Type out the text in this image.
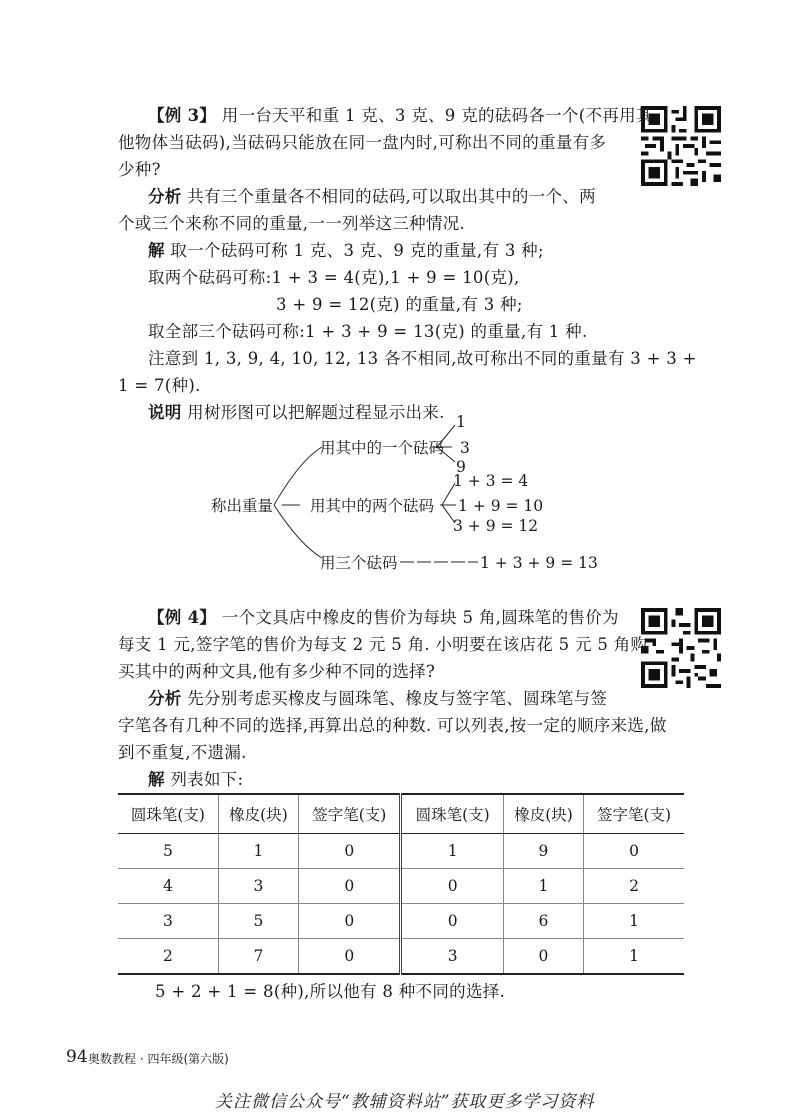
【例 3】 用一台天平和重 1 克、3 克、9 克的砝码各一个(不再用其
他物体当砝码),当砝码只能放在同一盘内时,可称出不同的重量有多
少种?
分析 共有三个重量各不相同的砝码,可以取出其中的一个、两
个或三个来称不同的重量,一一列举这三种情况.
解 取一个砝码可称 1 克、3 克、9 克的重量,有 3 种;
取两个砝码可称:1 + 3 = 4(克),1 + 9 = 10(克),
3 + 9 = 12(克) 的重量,有 3 种;
取全部三个砝码可称:1 + 3 + 9 = 13(克) 的重量,有 1 种.
注意到 1, 3, 9, 4, 10, 12, 13 各不相同,故可称出不同的重量有 3 + 3 +
1 = 7(种).
说明 用树形图可以把解题过程显示出来.
称出重量
用其中的一个砝码
1
3
9
用其中的两个砝码
1 + 3 = 4
1 + 9 = 10
3 + 9 = 12
用三个砝码	1 + 3 + 9 = 13
【例 4】 一个文具店中橡皮的售价为每块 5 角,圆珠笔的售价为
每支 1 元,签字笔的售价为每支 2 元 5 角. 小明要在该店花 5 元 5 角购
买其中的两种文具,他有多少种不同的选择?
分析 先分别考虑买橡皮与圆珠笔、橡皮与签字笔、圆珠笔与签
字笔各有几种不同的选择,再算出总的种数. 可以列表,按一定的顺序来选,做
到不重复,不遗漏.
解 列表如下:
圆珠笔(支)	橡皮(块)	签字笔(支)	圆珠笔(支)	橡皮(块)	签字笔(支)
5	1	0	1	9	0
4	3	0	0	1	2
3	5	0	0	6	1
2	7	0	3	0	1
5 + 2 + 1 = 8(种),所以他有 8 种不同的选择.
94 奥数教程 · 四年级(第六版)
关注微信公众号“教辅资料站”获取更多学习资料
